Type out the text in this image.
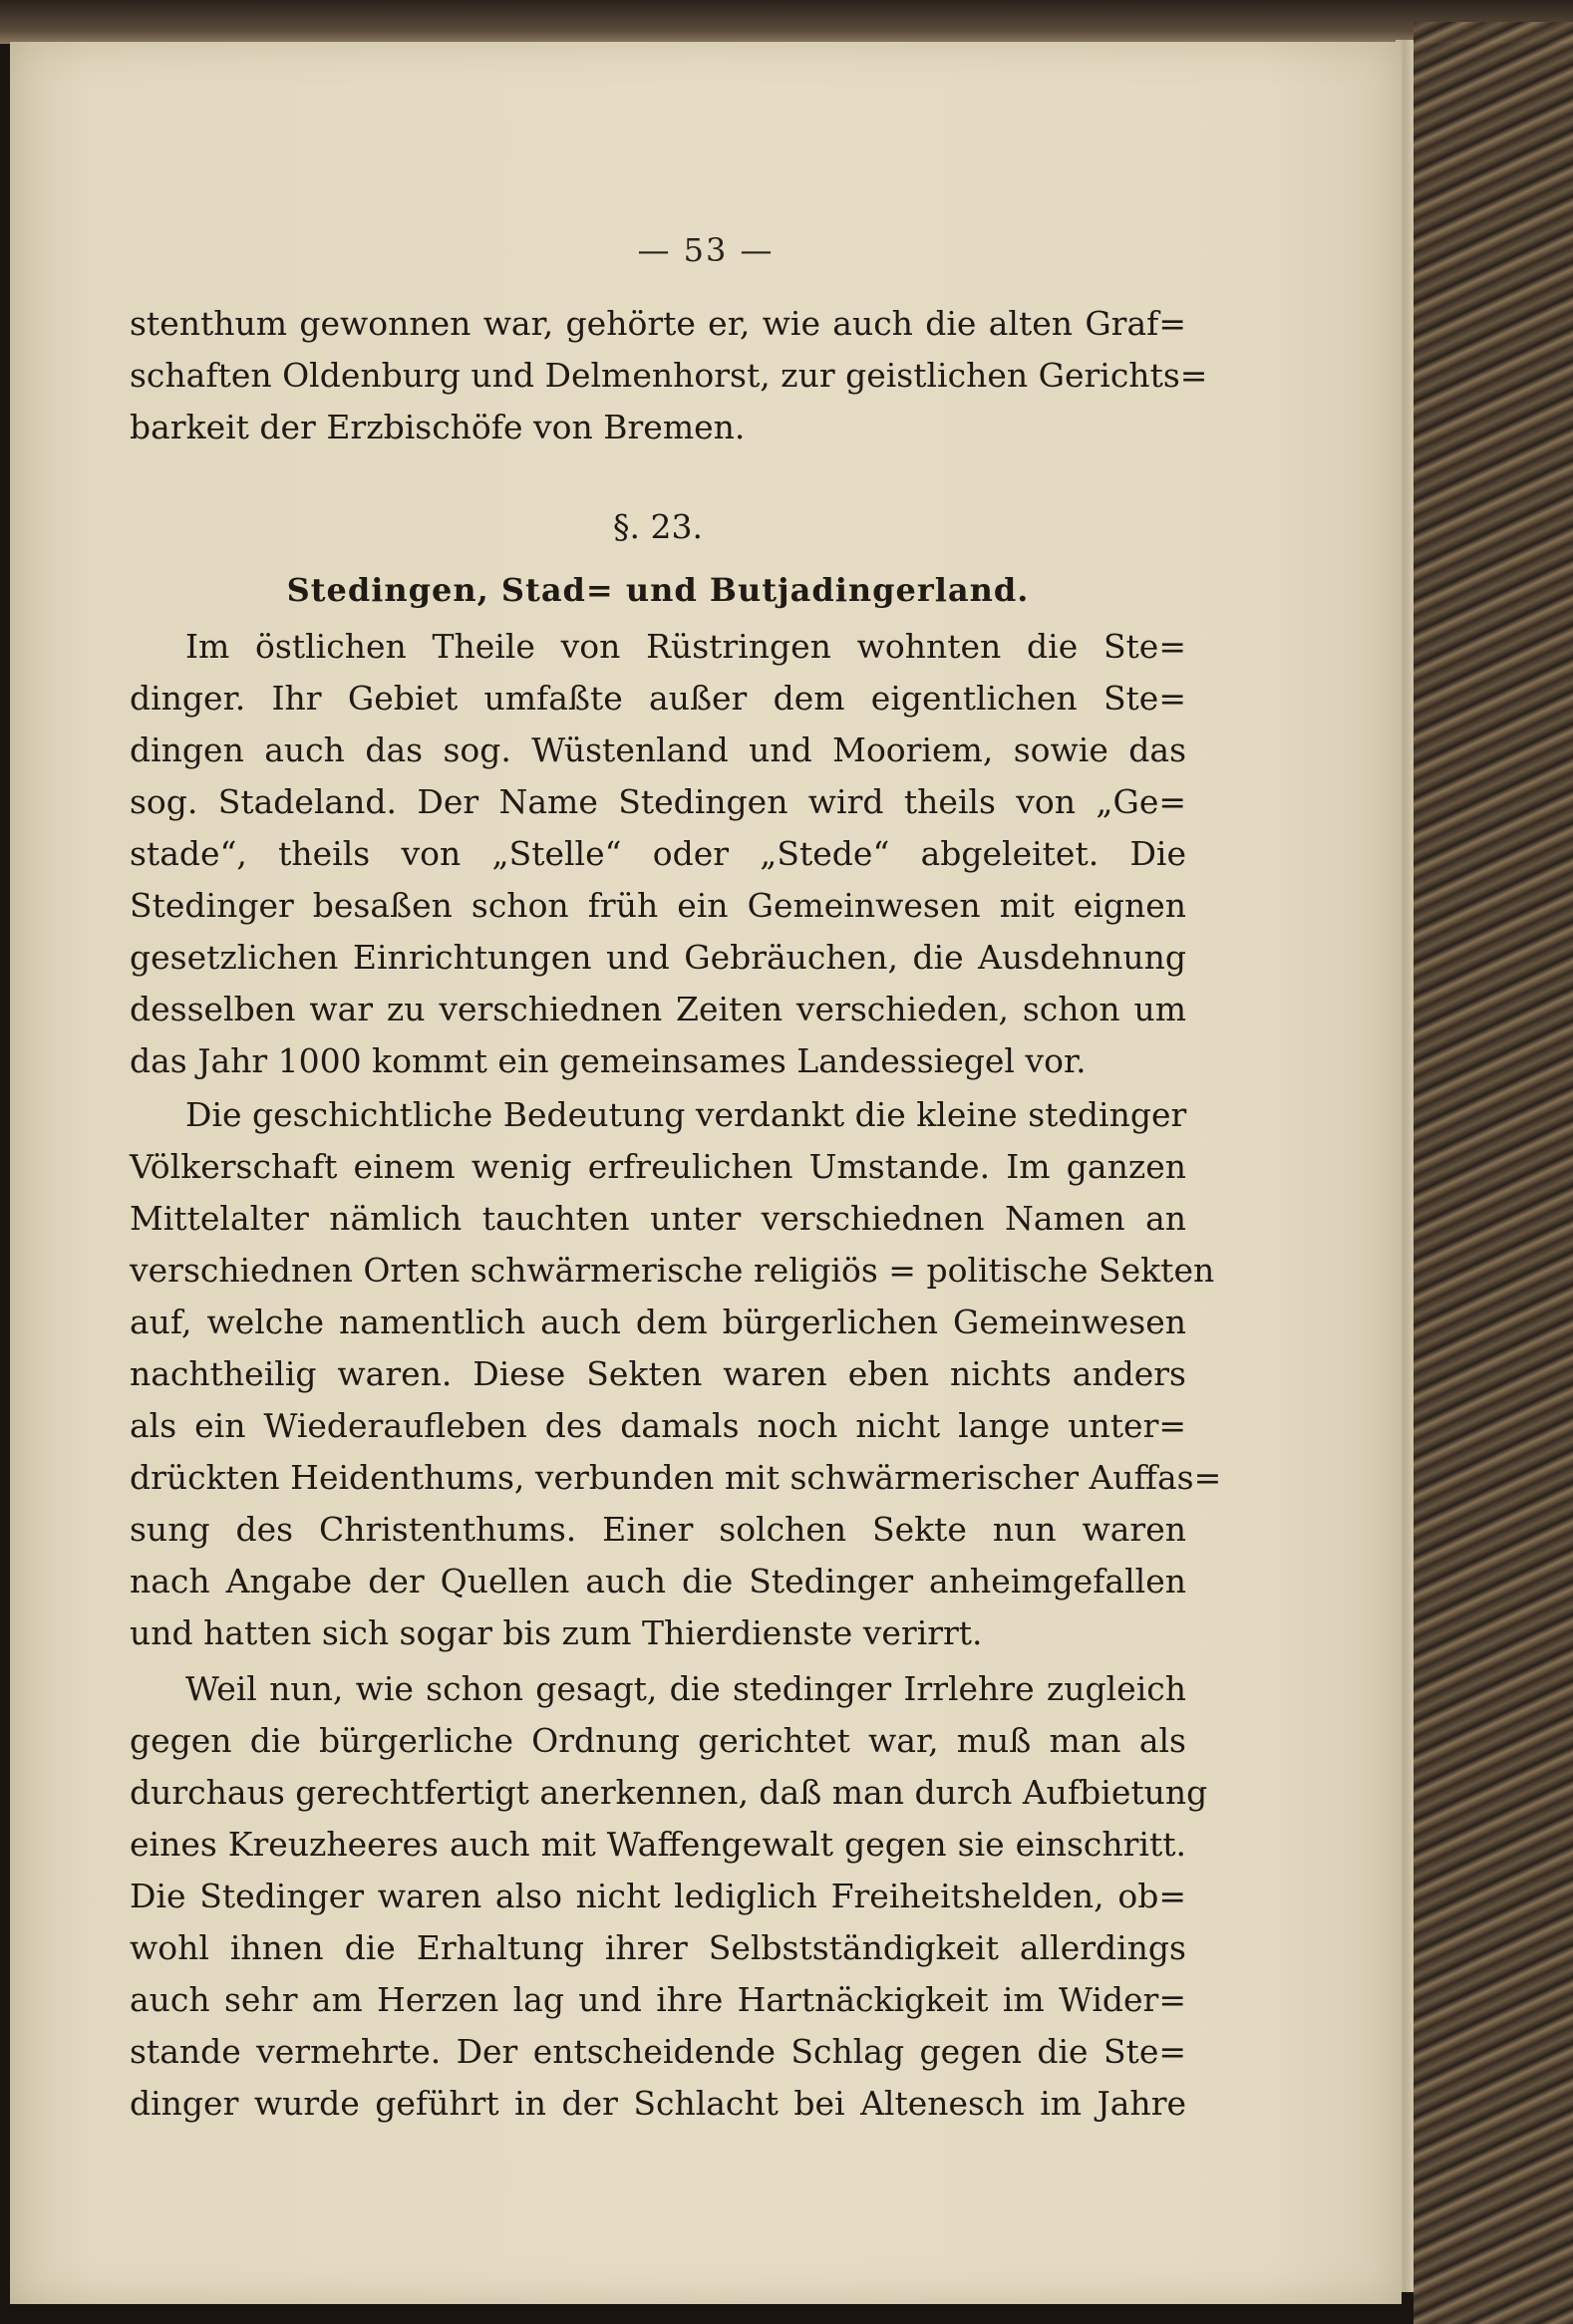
— 53 —
stenthum gewonnen war, gehörte er, wie auch die alten Graf=
schaften Oldenburg und Delmenhorst, zur geistlichen Gerichts=
barkeit der Erzbischöfe von Bremen.
§. 23.
Stedingen, Stad= und Butjadingerland.
Im östlichen Theile von Rüstringen wohnten die Ste=
dinger. Ihr Gebiet umfaßte außer dem eigentlichen Ste=
dingen auch das sog. Wüstenland und Mooriem, sowie das
sog. Stadeland. Der Name Stedingen wird theils von „Ge=
stade“, theils von „Stelle“ oder „Stede“ abgeleitet. Die
Stedinger besaßen schon früh ein Gemeinwesen mit eignen
gesetzlichen Einrichtungen und Gebräuchen, die Ausdehnung
desselben war zu verschiednen Zeiten verschieden, schon um
das Jahr 1000 kommt ein gemeinsames Landessiegel vor.
Die geschichtliche Bedeutung verdankt die kleine stedinger
Völkerschaft einem wenig erfreulichen Umstande. Im ganzen
Mittelalter nämlich tauchten unter verschiednen Namen an
verschiednen Orten schwärmerische religiös = politische Sekten
auf, welche namentlich auch dem bürgerlichen Gemeinwesen
nachtheilig waren. Diese Sekten waren eben nichts anders
als ein Wiederaufleben des damals noch nicht lange unter=
drückten Heidenthums, verbunden mit schwärmerischer Auffas=
sung des Christenthums. Einer solchen Sekte nun waren
nach Angabe der Quellen auch die Stedinger anheimgefallen
und hatten sich sogar bis zum Thierdienste verirrt.
Weil nun, wie schon gesagt, die stedinger Irrlehre zugleich
gegen die bürgerliche Ordnung gerichtet war, muß man als
durchaus gerechtfertigt anerkennen, daß man durch Aufbietung
eines Kreuzheeres auch mit Waffengewalt gegen sie einschritt.
Die Stedinger waren also nicht lediglich Freiheitshelden, ob=
wohl ihnen die Erhaltung ihrer Selbstständigkeit allerdings
auch sehr am Herzen lag und ihre Hartnäckigkeit im Wider=
stande vermehrte. Der entscheidende Schlag gegen die Ste=
dinger wurde geführt in der Schlacht bei Altenesch im Jahre
